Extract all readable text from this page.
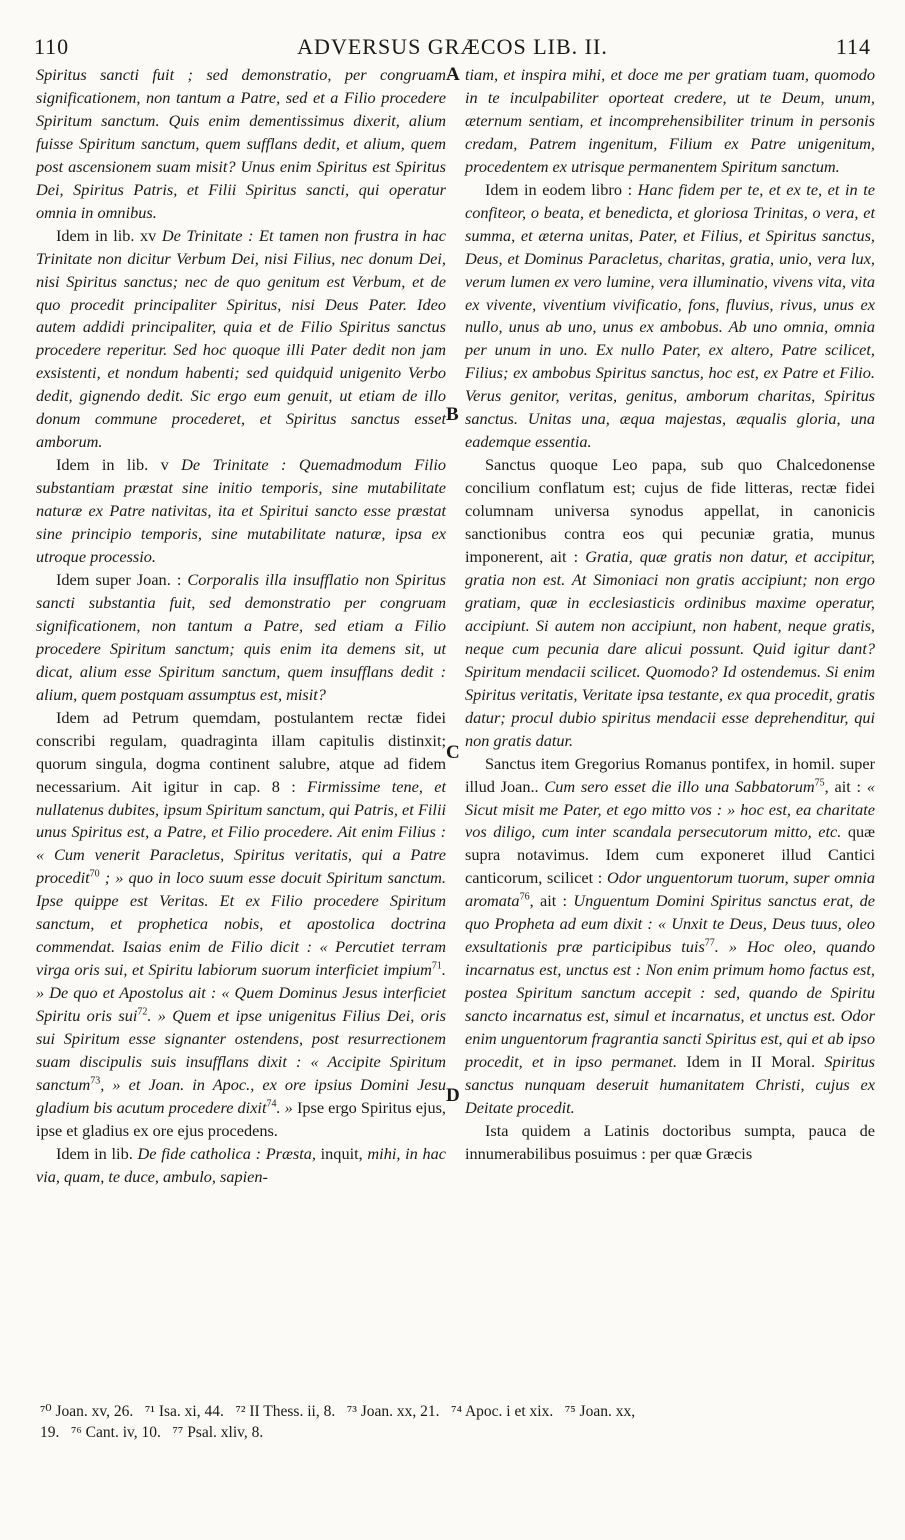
110	ADVERSUS GRÆCOS LIB. II.	114

Spiritus sancti fuit ; sed demonstratio, per congruam significationem, non tantum a Patre, sed et a Filio procedere Spiritum sanctum. Quis enim dementissimus dixerit, alium fuisse Spiritum sanctum, quem sufflans dedit, et alium, quem post ascensionem suam misit? Unus enim Spiritus est Spiritus Dei, Spiritus Patris, et Filii Spiritus sancti, qui operatur omnia in omnibus.

Idem in lib. xv De Trinitate : Et tamen non frustra in hac Trinitate non dicitur Verbum Dei, nisi Filius, nec donum Dei, nisi Spiritus sanctus; nec de quo genitum est Verbum, et de quo procedit principaliter Spiritus, nisi Deus Pater. Ideo autem addidi principaliter, quia et de Filio Spiritus sanctus procedere reperitur. Sed hoc quoque illi Pater dedit non jam exsistenti, et nondum habenti; sed quidquid unigenito Verbo dedit, gignendo dedit. Sic ergo eum genuit, ut etiam de illo donum commune procederet, et Spiritus sanctus esset amborum.

Idem in lib. v De Trinitate : Quemadmodum Filio substantiam præstat sine initio temporis, sine mutabilitate naturæ ex Patre nativitas, ita et Spiritui sancto esse præstat sine principio temporis, sine mutabilitate naturæ, ipsa ex utroque processio.

Idem super Joan. : Corporalis illa insufflatio non Spiritus sancti substantia fuit, sed demonstratio per congruam significationem, non tantum a Patre, sed etiam a Filio procedere Spiritum sanctum; quis enim ita demens sit, ut dicat, alium esse Spiritum sanctum, quem insufflans dedit : alium, quem postquam assumptus est, misit?

Idem ad Petrum quemdam, postulantem rectæ fidei conscribi regulam, quadraginta illam capitulis distinxit; quorum singula, dogma continent salubre, atque ad fidem necessarium. Ait igitur in cap. 8 : Firmissime tene, et nullatenus dubites, ipsum Spiritum sanctum, qui Patris, et Filii unus Spiritus est, a Patre, et Filio procedere. Ait enim Filius : « Cum venerit Paracletus, Spiritus veritatis, qui a Patre procedit$^{70}$ ; » quo in loco suum esse docuit Spiritum sanctum. Ipse quippe est Veritas. Et ex Filio procedere Spiritum sanctum, et prophetica nobis, et apostolica doctrina commendat. Isaias enim de Filio dicit : « Percutiet terram virga oris sui, et Spiritu labiorum suorum interficiet impium$^{71}$. » De quo et Apostolus ait : « Quem Dominus Jesus interficiet Spiritu oris sui$^{72}$. » Quem et ipse unigenitus Filius Dei, oris sui Spiritum esse signanter ostendens, post resurrectionem suam discipulis suis insufflans dixit : « Accipite Spiritum sanctum$^{73}$, » et Joan. in Apoc., ex ore ipsius Domini Jesu gladium bis acutum procedere dixit$^{74}$. » Ipse ergo Spiritus ejus, ipse et gladius ex ore ejus procedens.

Idem in lib. De fide catholica : Præsta, inquit, mihi, in hac via, quam, te duce, ambulo, sapien-

A
B
C
D

tiam, et inspira mihi, et doce me per gratiam tuam, quomodo in te inculpabiliter oporteat credere, ut te Deum, unum, æternum sentiam, et incomprehensibiliter trinum in personis credam, Patrem ingenitum, Filium ex Patre unigenitum, procedentem ex utrisque permanentem Spiritum sanctum.

Idem in eodem libro : Hanc fidem per te, et ex te, et in te confiteor, o beata, et benedicta, et gloriosa Trinitas, o vera, et summa, et æterna unitas, Pater, et Filius, et Spiritus sanctus, Deus, et Dominus Paracletus, charitas, gratia, unio, vera lux, verum lumen ex vero lumine, vera illuminatio, vivens vita, vita ex vivente, viventium vivificatio, fons, fluvius, rivus, unus ex nullo, unus ab uno, unus ex ambobus. Ab uno omnia, omnia per unum in uno. Ex nullo Pater, ex altero, Patre scilicet, Filius; ex ambobus Spiritus sanctus, hoc est, ex Patre et Filio. Verus genitor, veritas, genitus, amborum charitas, Spiritus sanctus. Unitas una, æqua majestas, æqualis gloria, una eademque essentia.

Sanctus quoque Leo papa, sub quo Chalcedonense concilium conflatum est; cujus de fide litteras, rectæ fidei columnam universa synodus appellat, in canonicis sanctionibus contra eos qui pecuniæ gratia, munus imponerent, ait : Gratia, quæ gratis non datur, et accipitur, gratia non est. At Simoniaci non gratis accipiunt; non ergo gratiam, quæ in ecclesiasticis ordinibus maxime operatur, accipiunt. Si autem non accipiunt, non habent, neque gratis, neque cum pecunia dare alicui possunt. Quid igitur dant? Spiritum mendacii scilicet. Quomodo? Id ostendemus. Si enim Spiritus veritatis, Veritate ipsa testante, ex qua procedit, gratis datur; procul dubio spiritus mendacii esse deprehenditur, qui non gratis datur.

Sanctus item Gregorius Romanus pontifex, in homil. super illud Joan.. Cum sero esset die illo una Sabbatorum$^{75}$, ait : « Sicut misit me Pater, et ego mitto vos : » hoc est, ea charitate vos diligo, cum inter scandala persecutorum mitto, etc. quæ supra notavimus. Idem cum exponeret illud Cantici canticorum, scilicet : Odor unguentorum tuorum, super omnia aromata$^{76}$, ait : Unguentum Domini Spiritus sanctus erat, de quo Propheta ad eum dixit : « Unxit te Deus, Deus tuus, oleo exsultationis præ participibus tuis$^{77}$. » Hoc oleo, quando incarnatus est, unctus est : Non enim primum homo factus est, postea Spiritum sanctum accepit : sed, quando de Spiritu sancto incarnatus est, simul et incarnatus, et unctus est. Odor enim unguentorum fragrantia sancti Spiritus est, qui et ab ipso procedit, et in ipso permanet. Idem in II Moral. Spiritus sanctus nunquam deseruit humanitatem Christi, cujus ex Deitate procedit.

Ista quidem a Latinis doctoribus sumpta, pauca de innumerabilibus posuimus : per quæ Græcis

⁷⁰ Joan. xv, 26.   ⁷¹ Isa. xi, 44.   ⁷² II Thess. ii, 8.   ⁷³ Joan. xx, 21.   ⁷⁴ Apoc. i et xix.   ⁷⁵ Joan. xx,
19.   ⁷⁶ Cant. iv, 10.   ⁷⁷ Psal. xliv, 8.
